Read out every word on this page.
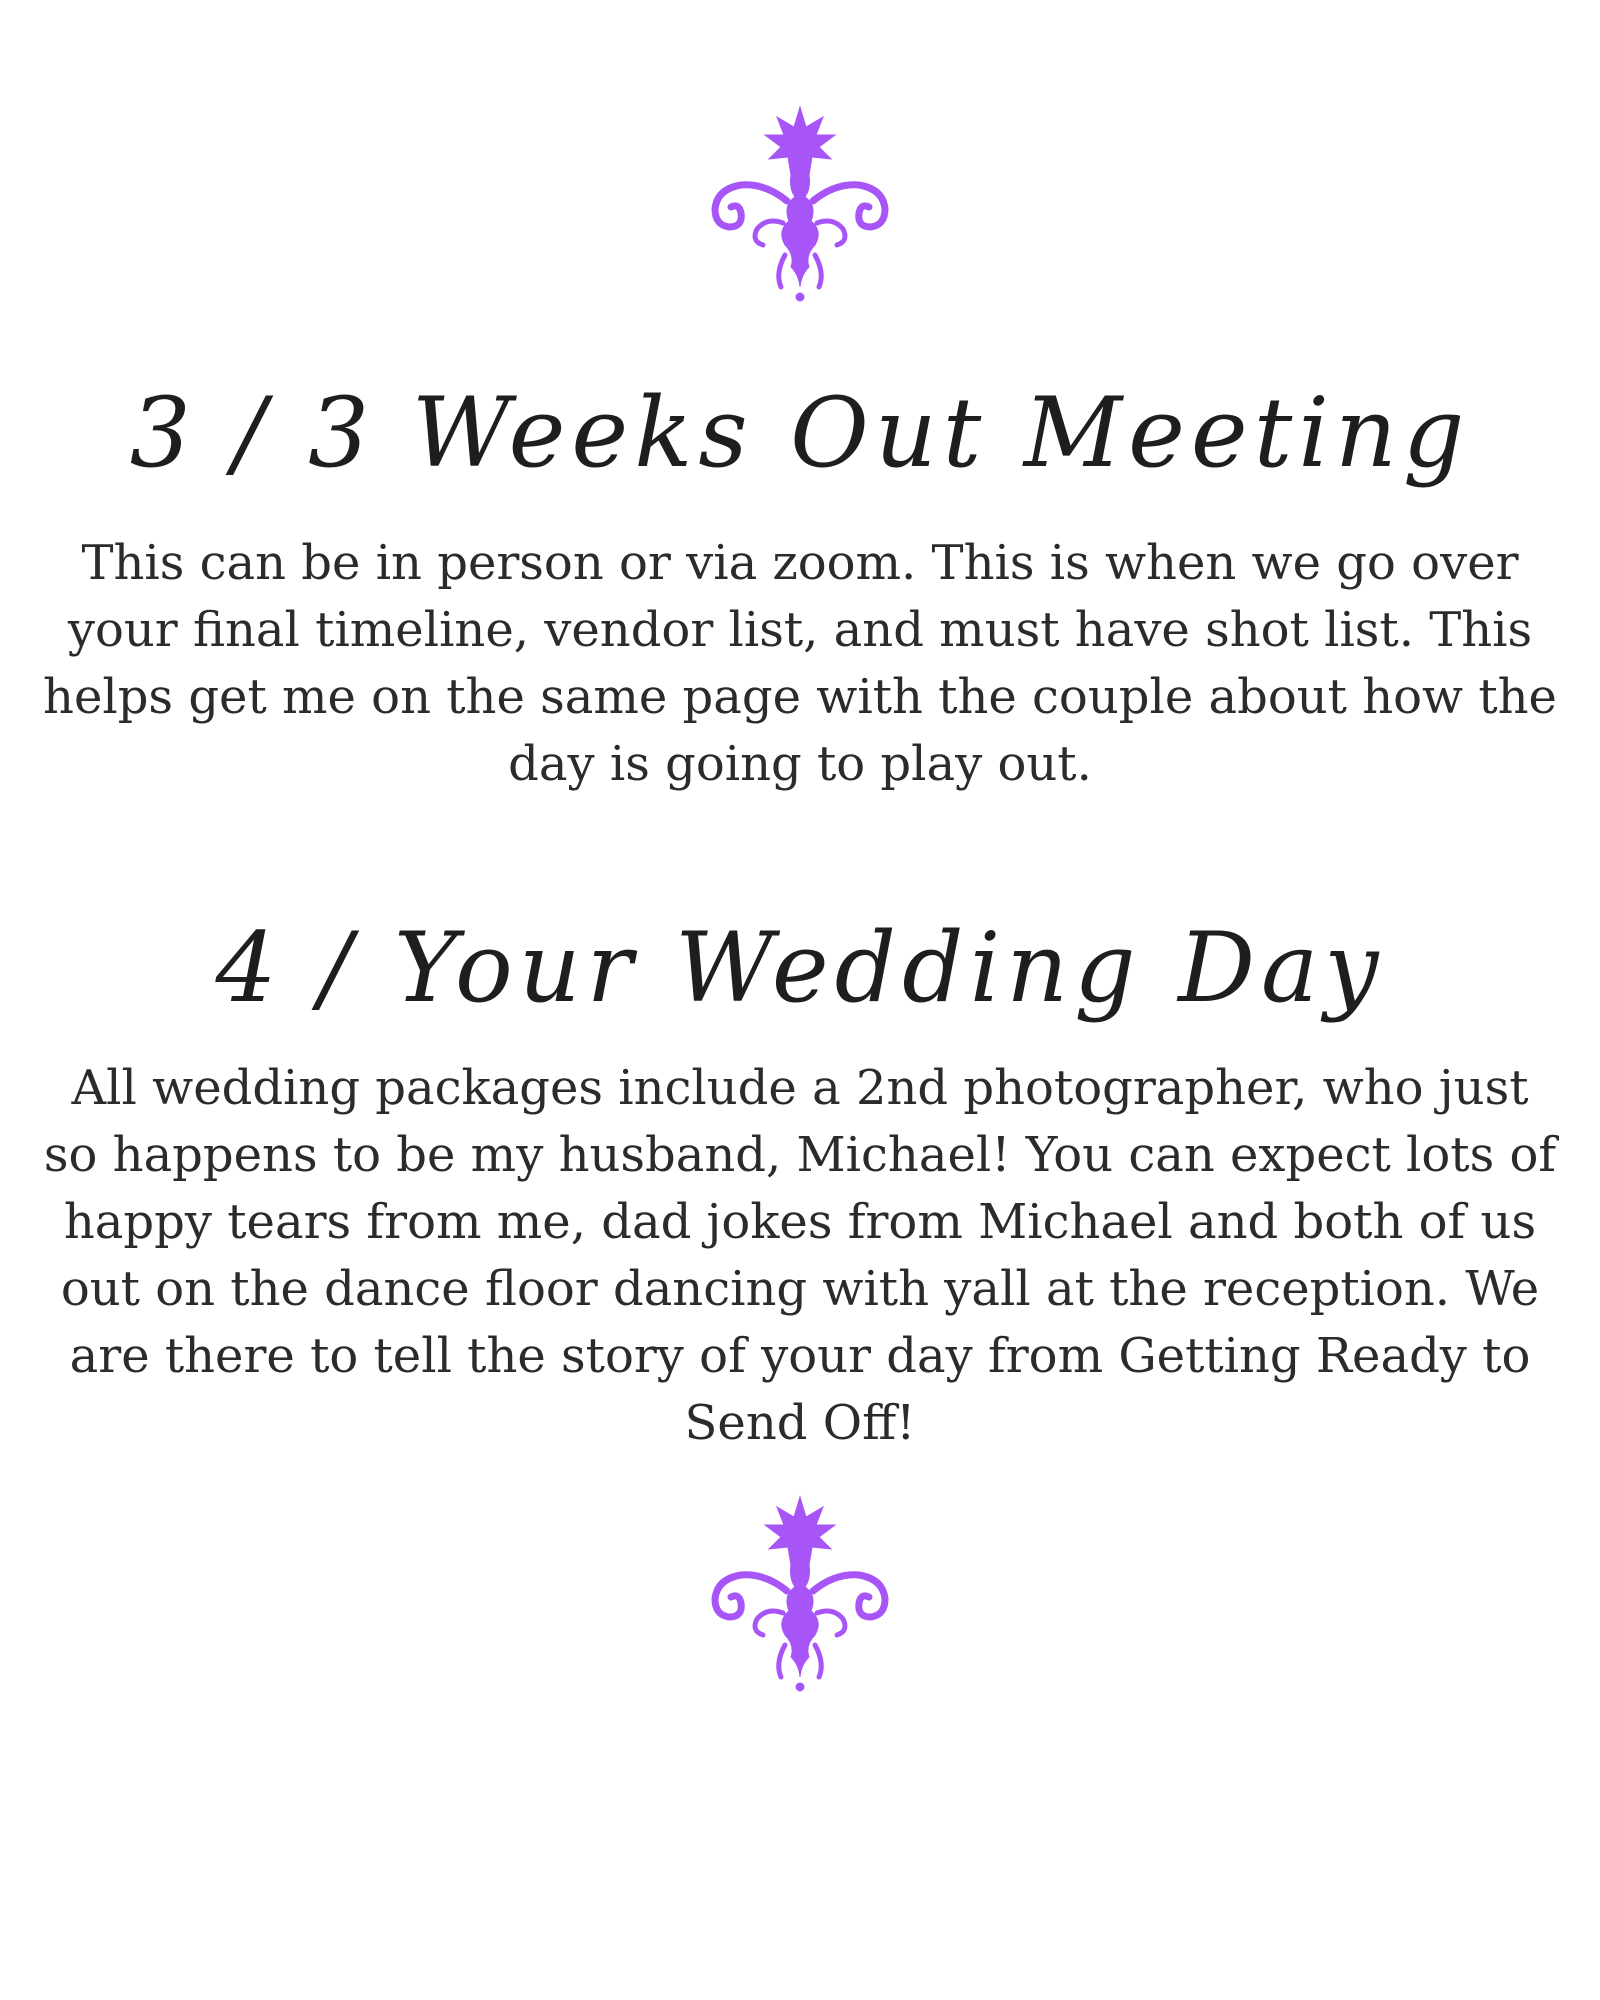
3 / 3 Weeks Out Meeting

This can be in person or via zoom. This is when we go over your final timeline, vendor list, and must have shot list. This helps get me on the same page with the couple about how the day is going to play out.

4 / Your Wedding Day

All wedding packages include a 2nd photographer, who just so happens to be my husband, Michael! You can expect lots of happy tears from me, dad jokes from Michael and both of us out on the dance floor dancing with yall at the reception. We are there to tell the story of your day from Getting Ready to Send Off!
